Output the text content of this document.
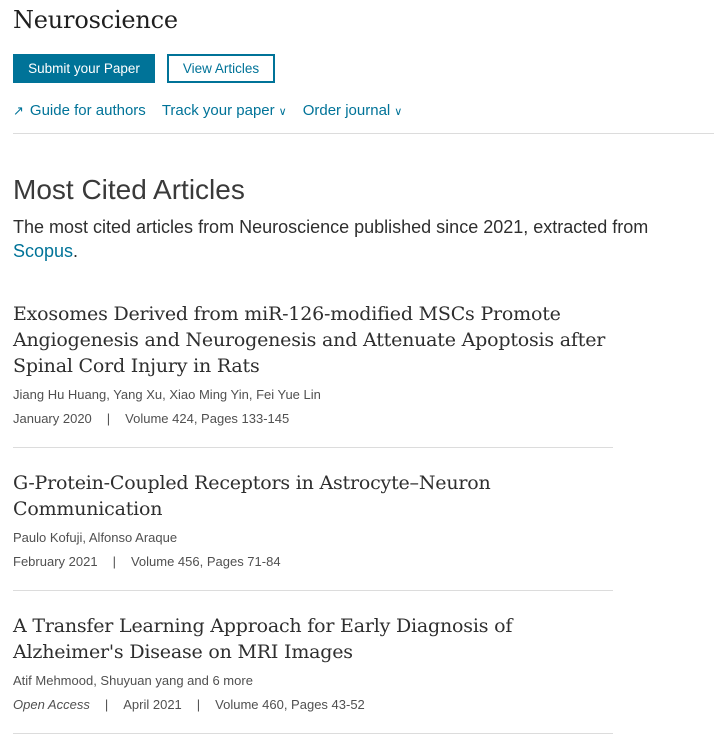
Neuroscience
Submit your Paper	View Articles
↗ Guide for authors Track your paper ∨ Order journal ∨
Most Cited Articles
The most cited articles from Neuroscience published since 2021, extracted from Scopus.
Exosomes Derived from miR-126-modified MSCs Promote Angiogenesis and Neurogenesis and Attenuate Apoptosis after Spinal Cord Injury in Rats
Jiang Hu Huang, Yang Xu, Xiao Ming Yin, Fei Yue Lin
January 2020 | Volume 424, Pages 133-145
G-Protein-Coupled Receptors in Astrocyte–Neuron Communication
Paulo Kofuji, Alfonso Araque
February 2021 | Volume 456, Pages 71-84
A Transfer Learning Approach for Early Diagnosis of Alzheimer's Disease on MRI Images
Atif Mehmood, Shuyuan yang and 6 more
Open Access | April 2021 | Volume 460, Pages 43-52
